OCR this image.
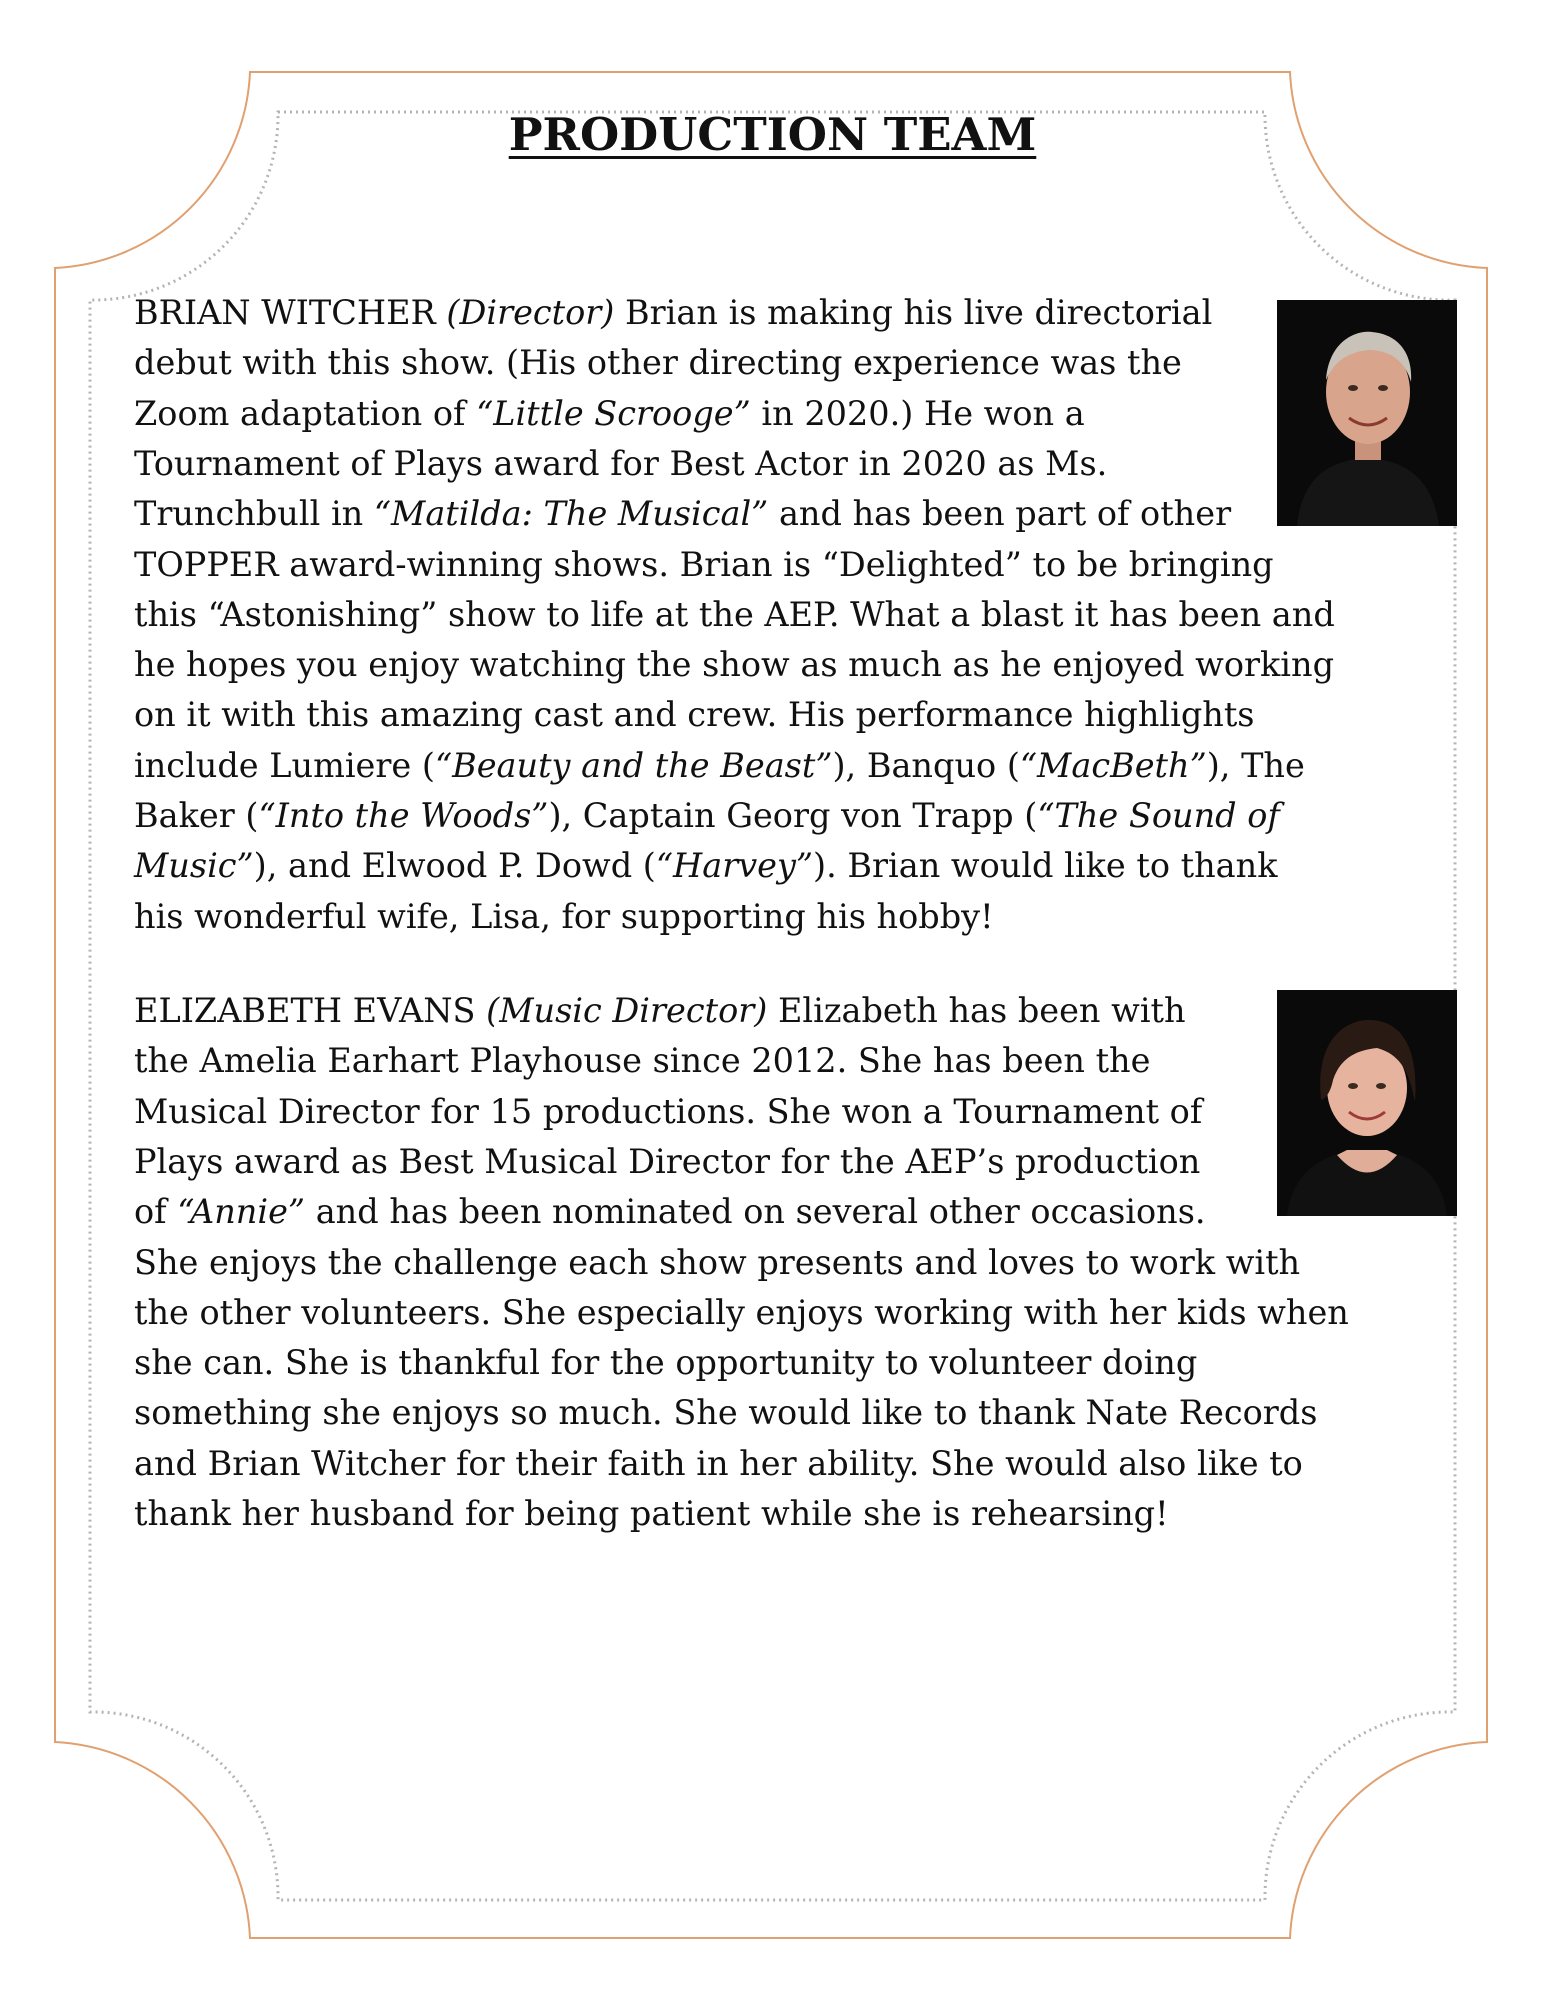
PRODUCTION TEAM

BRIAN WITCHER (Director) Brian is making his live directorial

debut with this show. (His other directing experience was the

Zoom adaptation of “Little Scrooge” in 2020.) He won a

Tournament of Plays award for Best Actor in 2020 as Ms.

Trunchbull in “Matilda: The Musical” and has been part of other

TOPPER award-winning shows. Brian is “Delighted” to be bringing

this “Astonishing” show to life at the AEP. What a blast it has been and

he hopes you enjoy watching the show as much as he enjoyed working

on it with this amazing cast and crew. His performance highlights

include Lumiere (“Beauty and the Beast”), Banquo (“MacBeth”), The

Baker (“Into the Woods”), Captain Georg von Trapp (“The Sound of

Music”), and Elwood P. Dowd (“Harvey”). Brian would like to thank

his wonderful wife, Lisa, for supporting his hobby!

ELIZABETH EVANS (Music Director) Elizabeth has been with

the Amelia Earhart Playhouse since 2012. She has been the

Musical Director for 15 productions. She won a Tournament of

Plays award as Best Musical Director for the AEP’s production

of “Annie” and has been nominated on several other occasions.

She enjoys the challenge each show presents and loves to work with

the other volunteers. She especially enjoys working with her kids when

she can. She is thankful for the opportunity to volunteer doing

something she enjoys so much. She would like to thank Nate Records

and Brian Witcher for their faith in her ability. She would also like to

thank her husband for being patient while she is rehearsing!
